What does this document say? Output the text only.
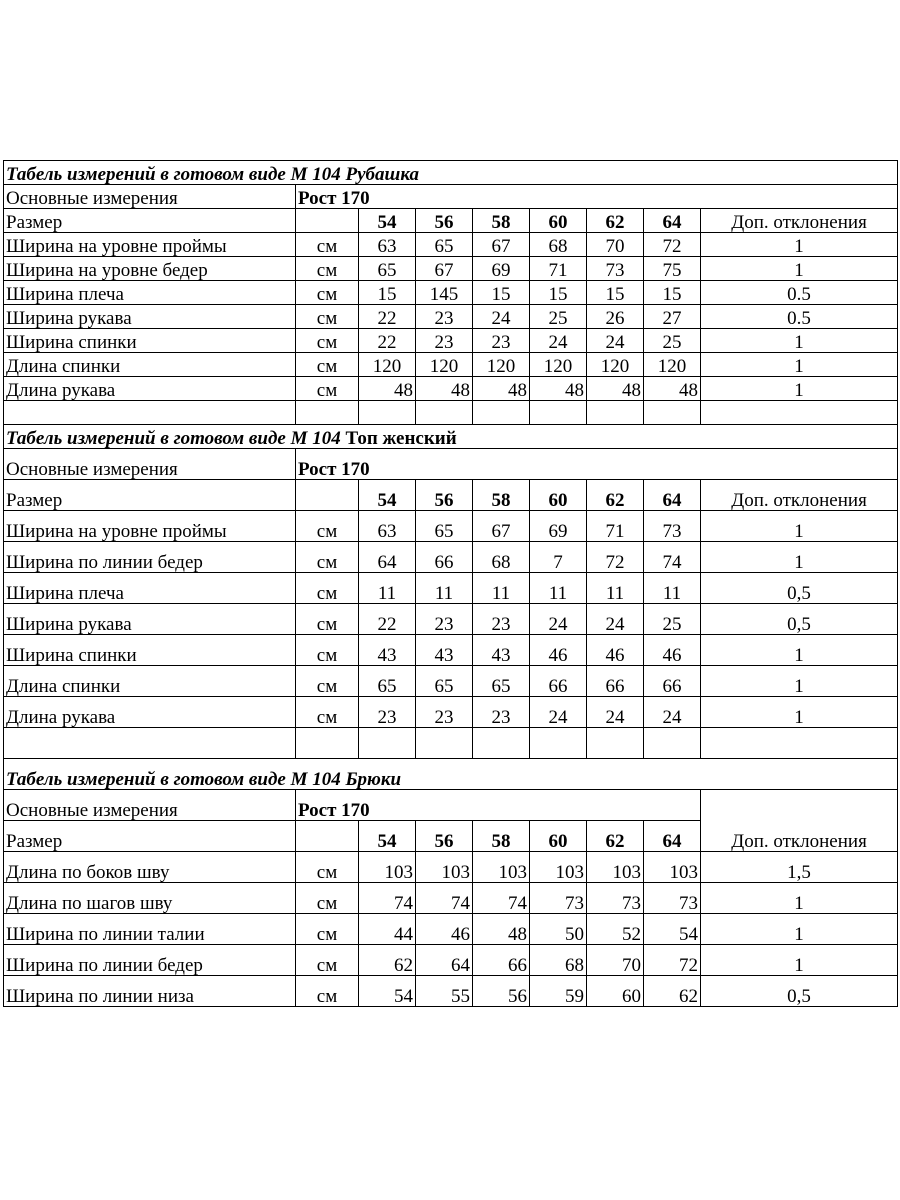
Табель измерений в готовом виде М 104 Рубашка								
Основные измерения	Рост 170							
Размер		54	56	58	60	62	64	Доп. отклонения
Ширина на уровне проймы	см	63	65	67	68	70	72	1
Ширина на уровне бедер	см	65	67	69	71	73	75	1
Ширина плеча	см	15	145	15	15	15	15	0.5
Ширина рукава	см	22	23	24	25	26	27	0.5
Ширина спинки	см	22	23	23	24	24	25	1
Длина спинки	см	120	120	120	120	120	120	1
Длина рукава	см	48	48	48	48	48	48	1

Табель измерений в готовом виде М 104 Топ женский								
Основные измерения	Рост 170							
Размер		54	56	58	60	62	64	Доп. отклонения
Ширина на уровне проймы	см	63	65	67	69	71	73	1
Ширина по линии бедер	см	64	66	68	7	72	74	1
Ширина плеча	см	11	11	11	11	11	11	0,5
Ширина рукава	см	22	23	23	24	24	25	0,5
Ширина спинки	см	43	43	43	46	46	46	1
Длина спинки	см	65	65	65	66	66	66	1
Длина рукава	см	23	23	23	24	24	24	1

Табель измерений в готовом виде М 104 Брюки								
Основные измерения	Рост 170							Доп. отклонения
Размер		54	56	58	60	62	64	
Длина по боков шву	см	103	103	103	103	103	103	1,5
Длина по шагов шву	см	74	74	74	73	73	73	1
Ширина по линии талии	см	44	46	48	50	52	54	1
Ширина по линии бедер	см	62	64	66	68	70	72	1
Ширина по линии низа	см	54	55	56	59	60	62	0,5
